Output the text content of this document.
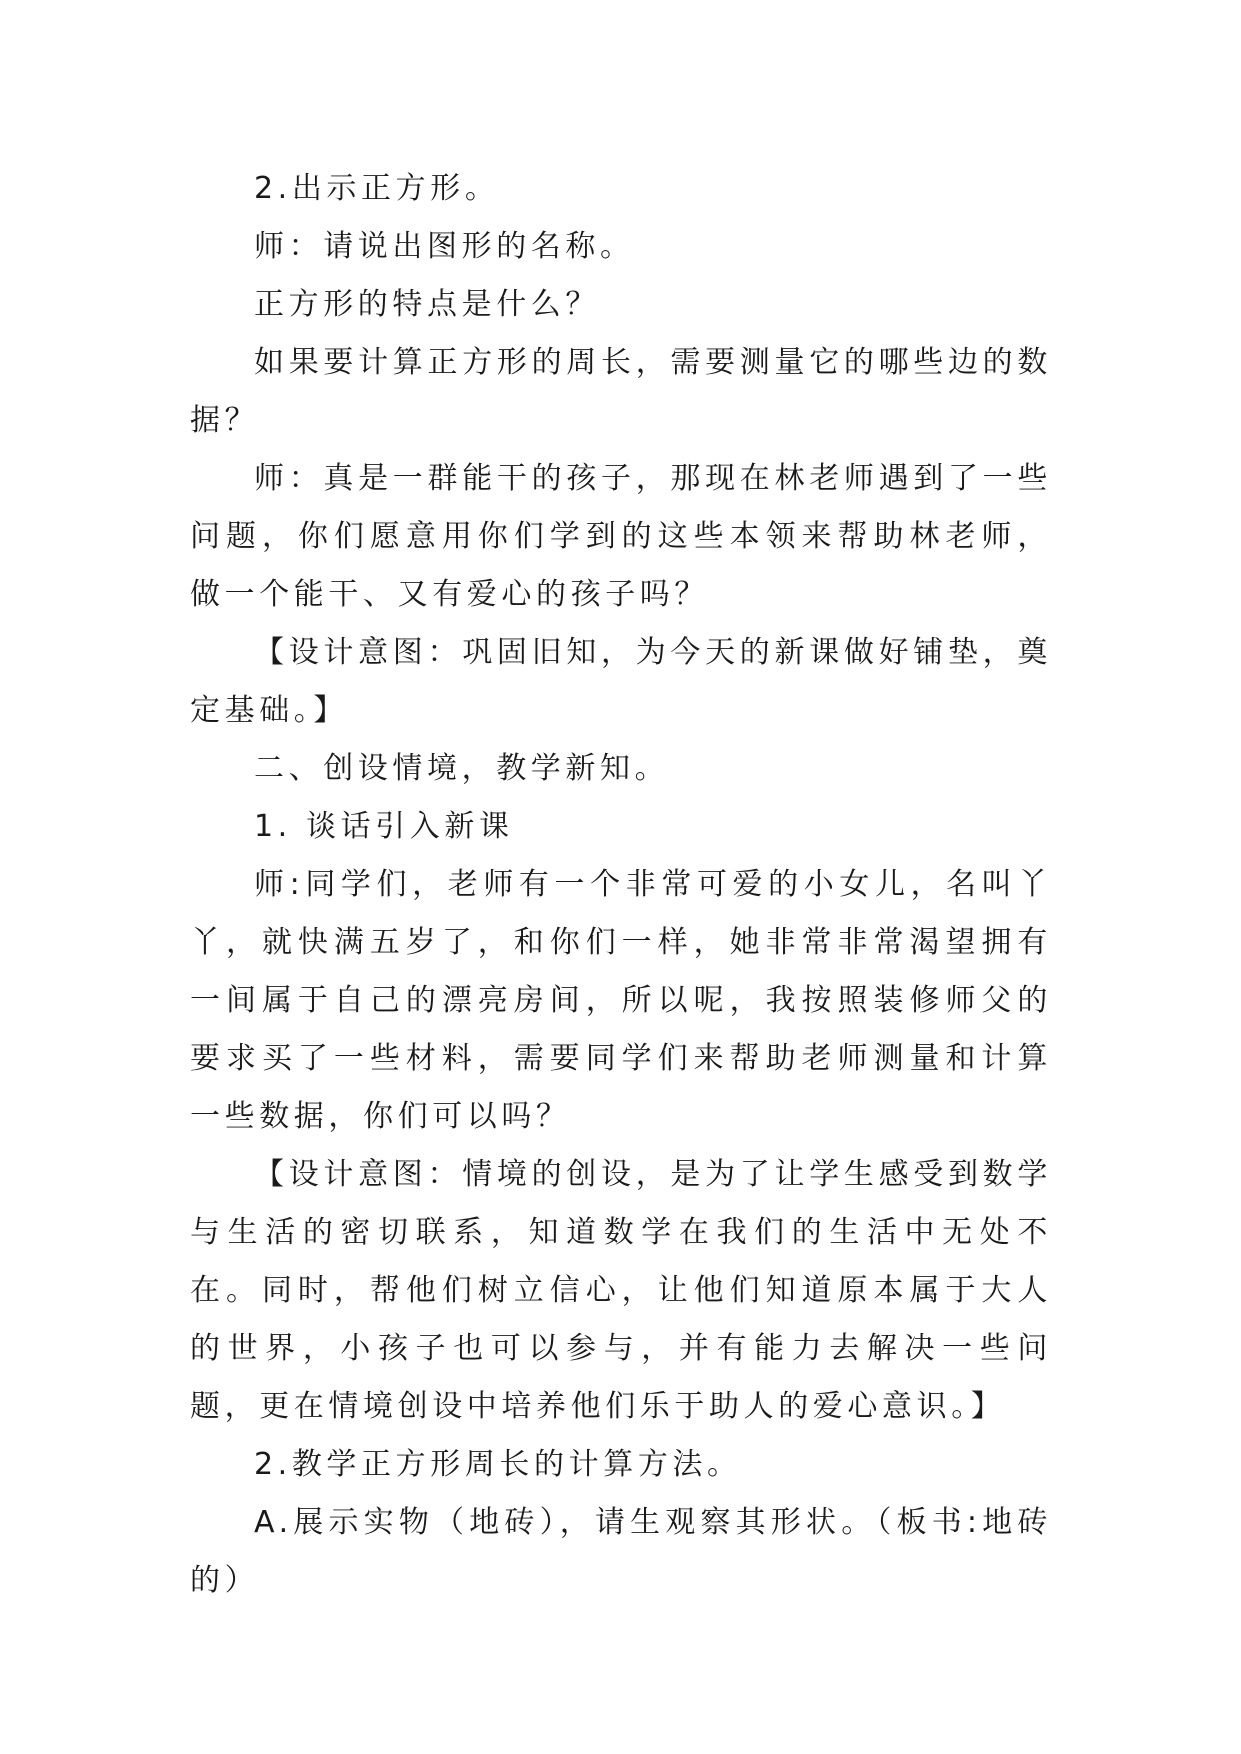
2.出示正方形。

师：请说出图形的名称。

正方形的特点是什么？

如果要计算正方形的周长，需要测量它的哪些边的数据？

师：真是一群能干的孩子，那现在林老师遇到了一些问题，你们愿意用你们学到的这些本领来帮助林老师，做一个能干、又有爱心的孩子吗？

【设计意图：巩固旧知，为今天的新课做好铺垫，奠定基础。】

二、创设情境，教学新知。

1. 谈话引入新课

师:同学们，老师有一个非常可爱的小女儿，名叫丫丫，就快满五岁了，和你们一样，她非常非常渴望拥有一间属于自己的漂亮房间，所以呢，我按照装修师父的要求买了一些材料，需要同学们来帮助老师测量和计算一些数据，你们可以吗？

【设计意图：情境的创设，是为了让学生感受到数学与生活的密切联系，知道数学在我们的生活中无处不在。同时，帮他们树立信心，让他们知道原本属于大人的世界，小孩子也可以参与，并有能力去解决一些问题，更在情境创设中培养他们乐于助人的爱心意识。】

2.教学正方形周长的计算方法。

A.展示实物（地砖），请生观察其形状。（板书:地砖的）
